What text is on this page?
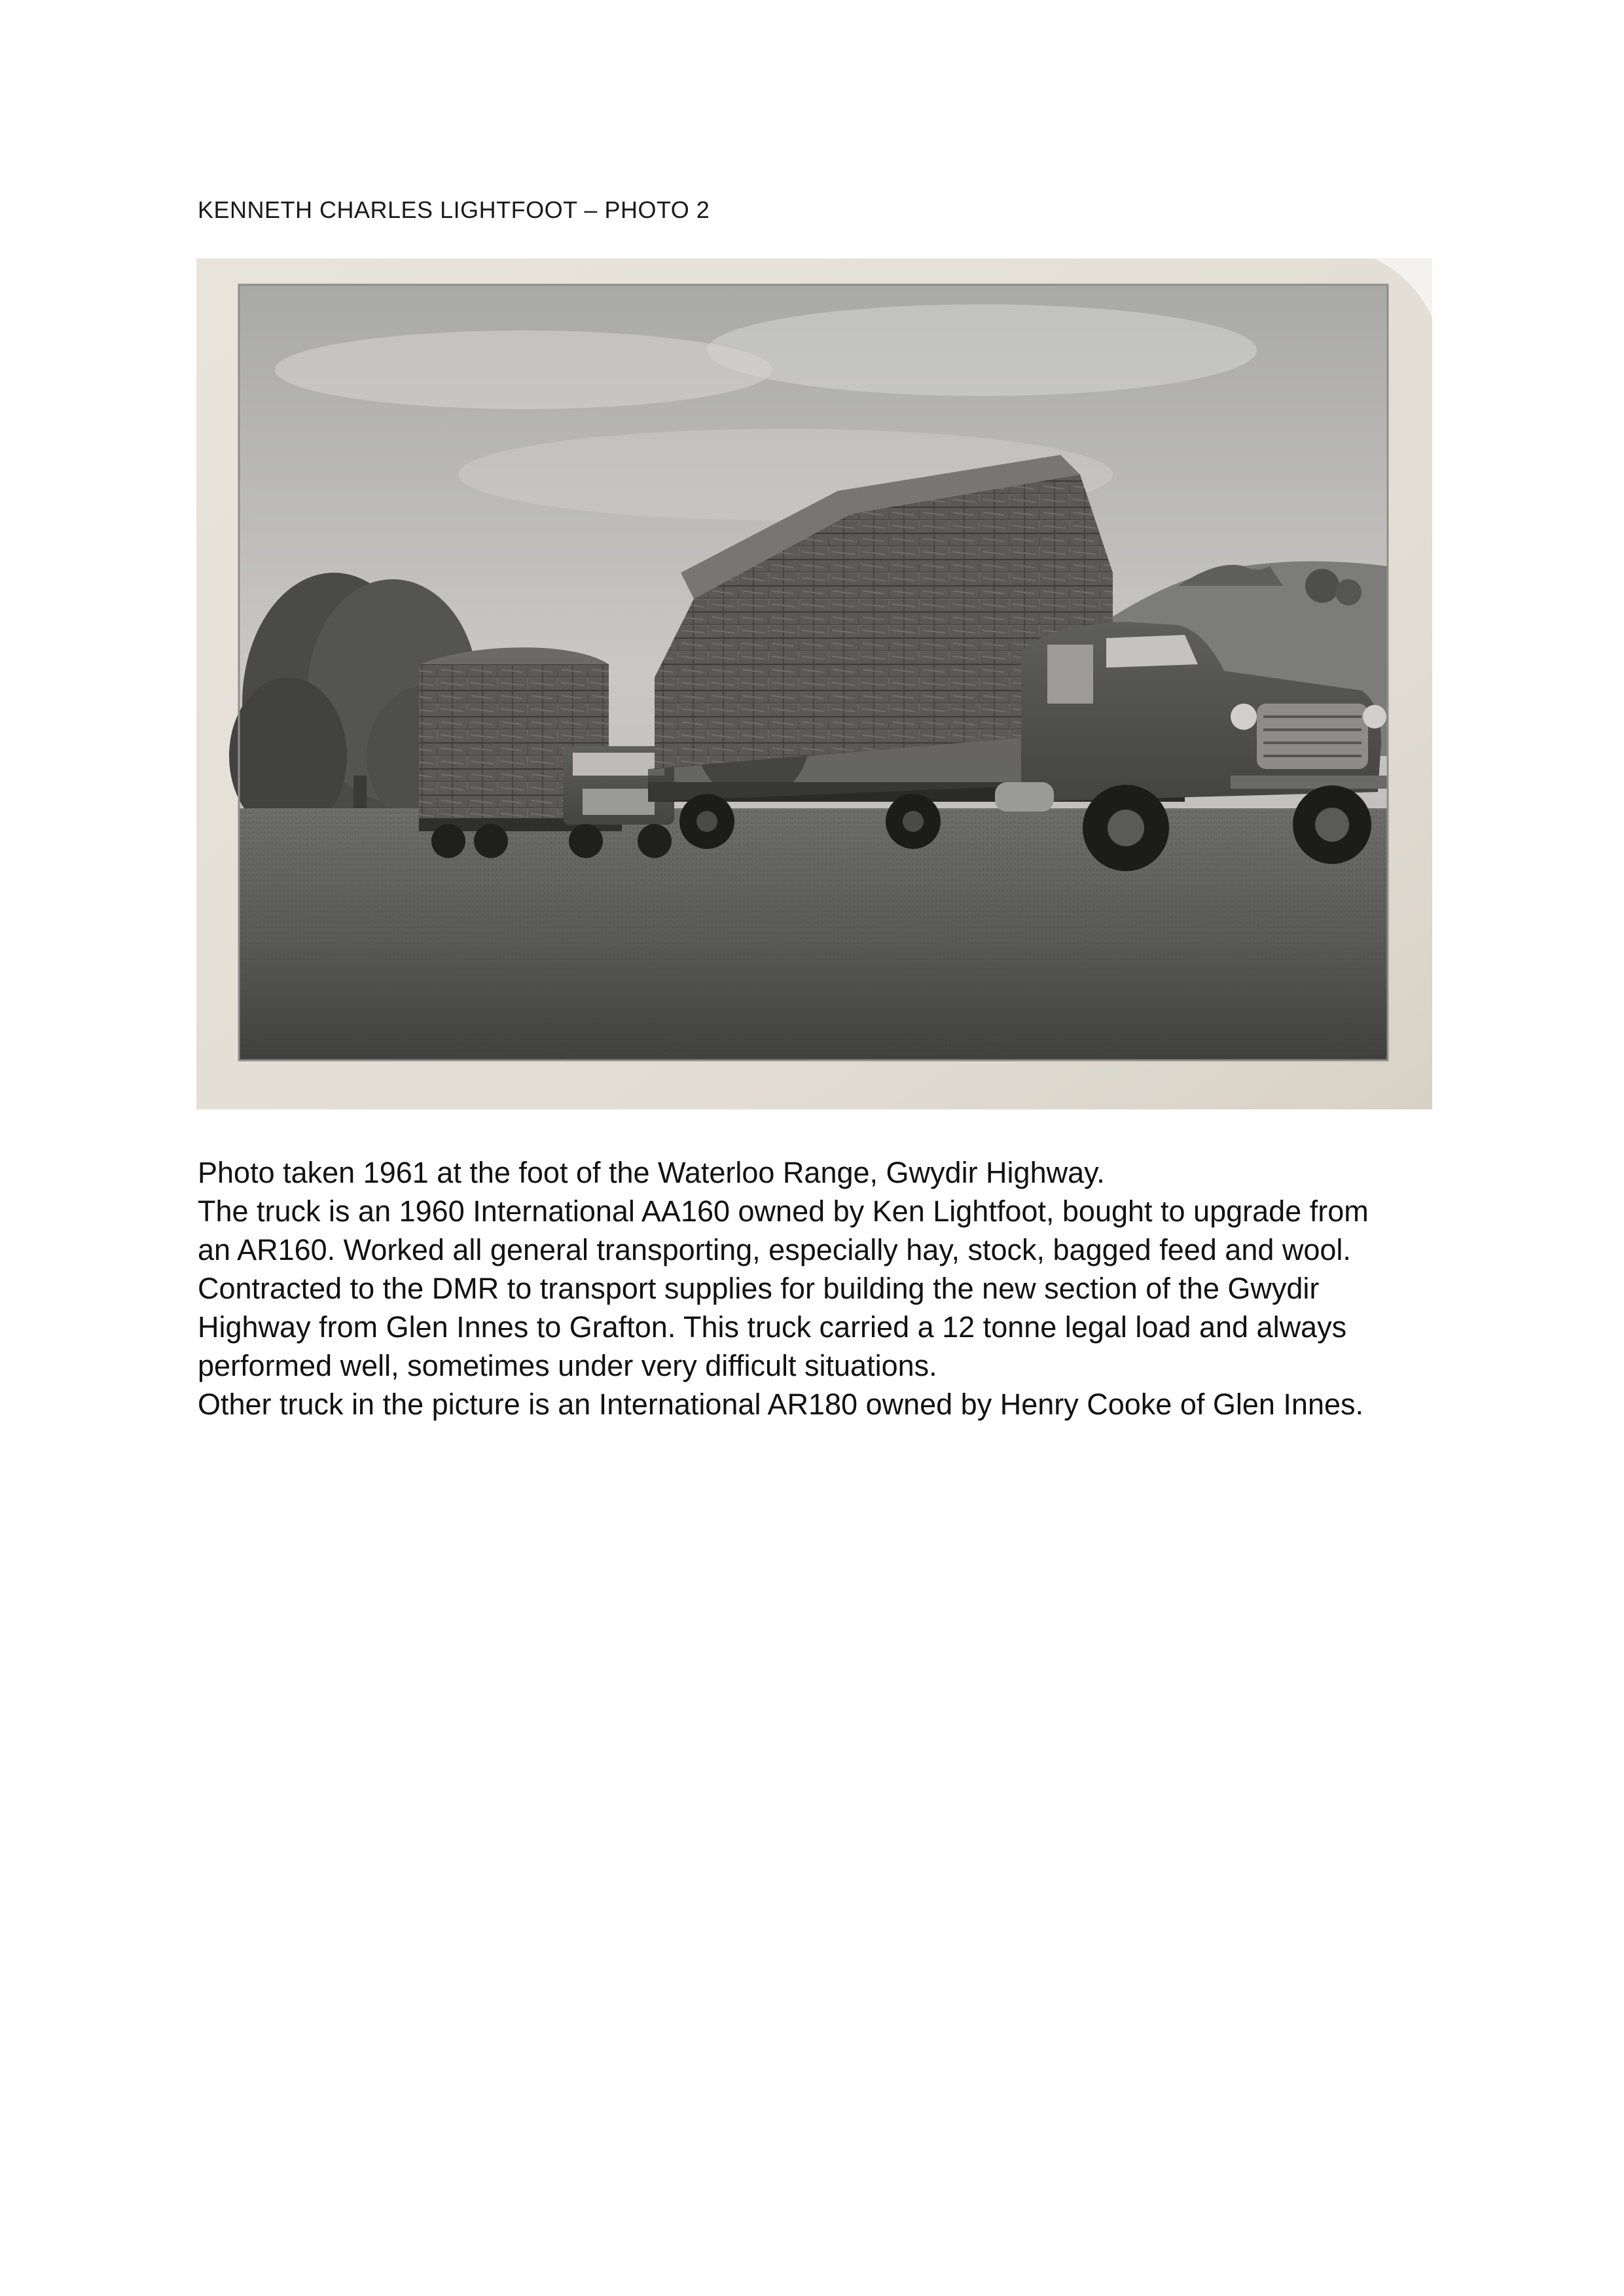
KENNETH CHARLES LIGHTFOOT – PHOTO 2
Photo taken 1961 at the foot of the Waterloo Range, Gwydir Highway.
The truck is an 1960 International AA160 owned by Ken Lightfoot, bought to upgrade from
an AR160. Worked all general transporting, especially hay, stock, bagged feed and wool.
Contracted to the DMR to transport supplies for building the new section of the Gwydir
Highway from Glen Innes to Grafton. This truck carried a 12 tonne legal load and always
performed well, sometimes under very difficult situations.
Other truck in the picture is an International AR180 owned by Henry Cooke of Glen Innes.
